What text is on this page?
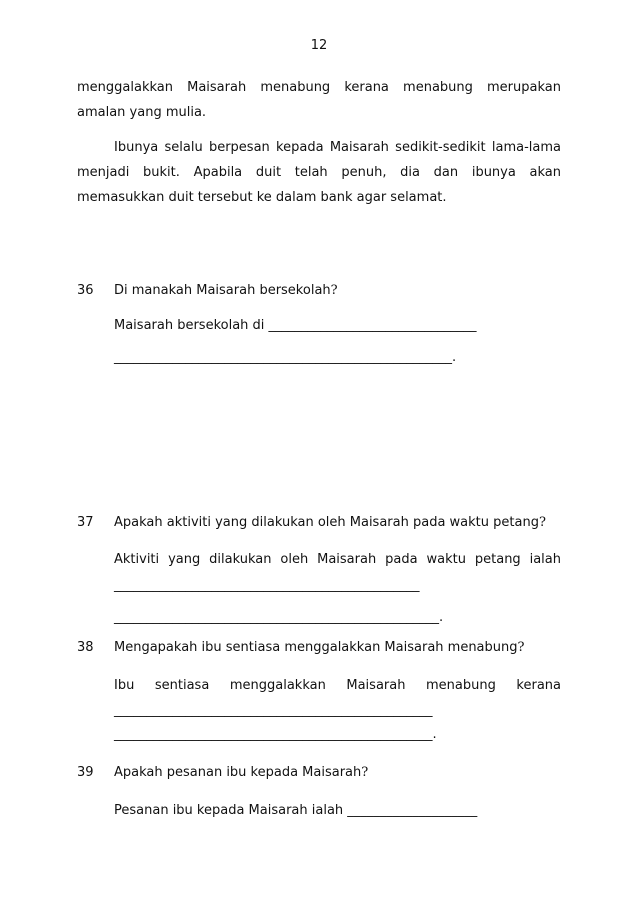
12
menggalakkan Maisarah menabung kerana menabung merupakan
amalan yang mulia.
Ibunya selalu berpesan kepada Maisarah sedikit-sedikit lama-lama
menjadi bukit. Apabila duit telah penuh, dia dan ibunya akan
memasukkan duit tersebut ke dalam bank agar selamat.
36 Di manakah Maisarah bersekolah?
Maisarah bersekolah di ________________________________
____________________________________________________.
37 Apakah aktiviti yang dilakukan oleh Maisarah pada waktu petang?
Aktiviti yang dilakukan oleh Maisarah pada waktu petang ialah
_______________________________________________
__________________________________________________.
38 Mengapakah ibu sentiasa menggalakkan Maisarah menabung?
Ibu sentiasa menggalakkan Maisarah menabung kerana
_________________________________________________
_________________________________________________.
39 Apakah pesanan ibu kepada Maisarah?
Pesanan ibu kepada Maisarah ialah ____________________
